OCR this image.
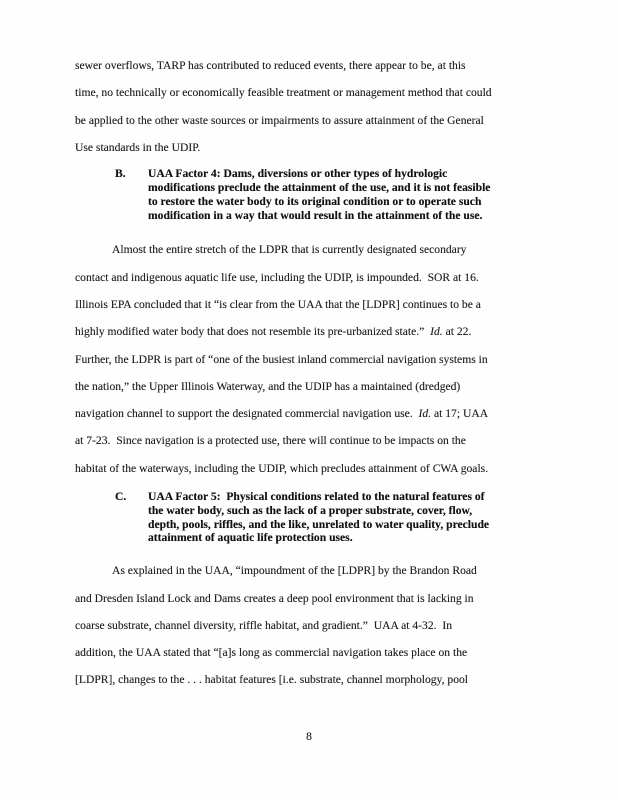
sewer overflows, TARP has contributed to reduced events, there appear to be, at this
time, no technically or economically feasible treatment or management method that could
be applied to the other waste sources or impairments to assure attainment of the General
Use standards in the UDIP.
B.	UAA Factor 4: Dams, diversions or other types of hydrologic
modifications preclude the attainment of the use, and it is not feasible
to restore the water body to its original condition or to operate such
modification in a way that would result in the attainment of the use.
Almost the entire stretch of the LDPR that is currently designated secondary
contact and indigenous aquatic life use, including the UDIP, is impounded.  SOR at 16.
Illinois EPA concluded that it “is clear from the UAA that the [LDPR] continues to be a
highly modified water body that does not resemble its pre-urbanized state.”  Id. at 22.
Further, the LDPR is part of “one of the busiest inland commercial navigation systems in
the nation,” the Upper Illinois Waterway, and the UDIP has a maintained (dredged)
navigation channel to support the designated commercial navigation use.  Id. at 17; UAA
at 7-23.  Since navigation is a protected use, there will continue to be impacts on the
habitat of the waterways, including the UDIP, which precludes attainment of CWA goals.
C.	UAA Factor 5:  Physical conditions related to the natural features of
the water body, such as the lack of a proper substrate, cover, flow,
depth, pools, riffles, and the like, unrelated to water quality, preclude
attainment of aquatic life protection uses.
As explained in the UAA, “impoundment of the [LDPR] by the Brandon Road
and Dresden Island Lock and Dams creates a deep pool environment that is lacking in
coarse substrate, channel diversity, riffle habitat, and gradient.”  UAA at 4-32.  In
addition, the UAA stated that “[a]s long as commercial navigation takes place on the
[LDPR], changes to the . . . habitat features [i.e. substrate, channel morphology, pool
8
